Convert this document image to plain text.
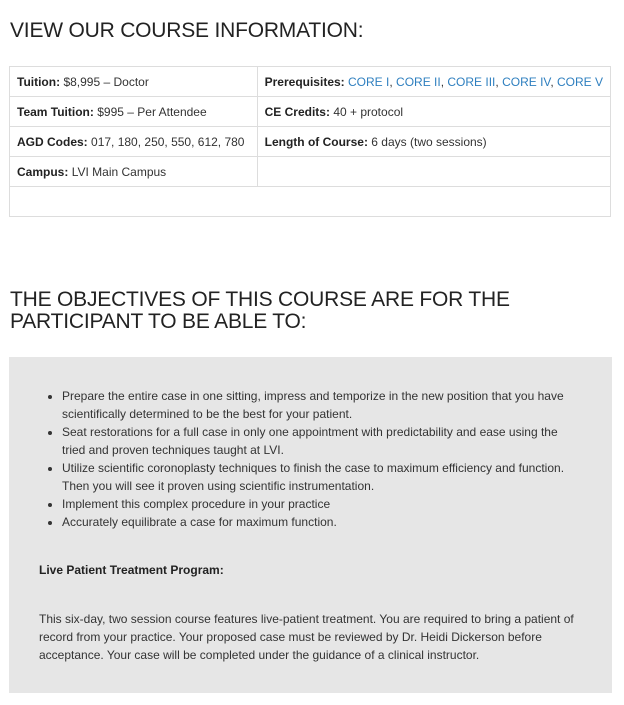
VIEW OUR COURSE INFORMATION:
Tuition: $8,995 – Doctor	Prerequisites: CORE I, CORE II, CORE III, CORE IV, CORE V
Team Tuition: $995 – Per Attendee	CE Credits: 40 + protocol
AGD Codes: 017, 180, 250, 550, 612, 780	Length of Course: 6 days (two sessions)
Campus: LVI Main Campus	

THE OBJECTIVES OF THIS COURSE ARE FOR THE PARTICIPANT TO BE ABLE TO:
• Prepare the entire case in one sitting, impress and temporize in the new position that you have scientifically determined to be the best for your patient.
• Seat restorations for a full case in only one appointment with predictability and ease using the tried and proven techniques taught at LVI.
• Utilize scientific coronoplasty techniques to finish the case to maximum efficiency and function. Then you will see it proven using scientific instrumentation.
• Implement this complex procedure in your practice
• Accurately equilibrate a case for maximum function.
Live Patient Treatment Program:

This six-day, two session course features live-patient treatment. You are required to bring a patient of record from your practice. Your proposed case must be reviewed by Dr. Heidi Dickerson before acceptance. Your case will be completed under the guidance of a clinical instructor.
